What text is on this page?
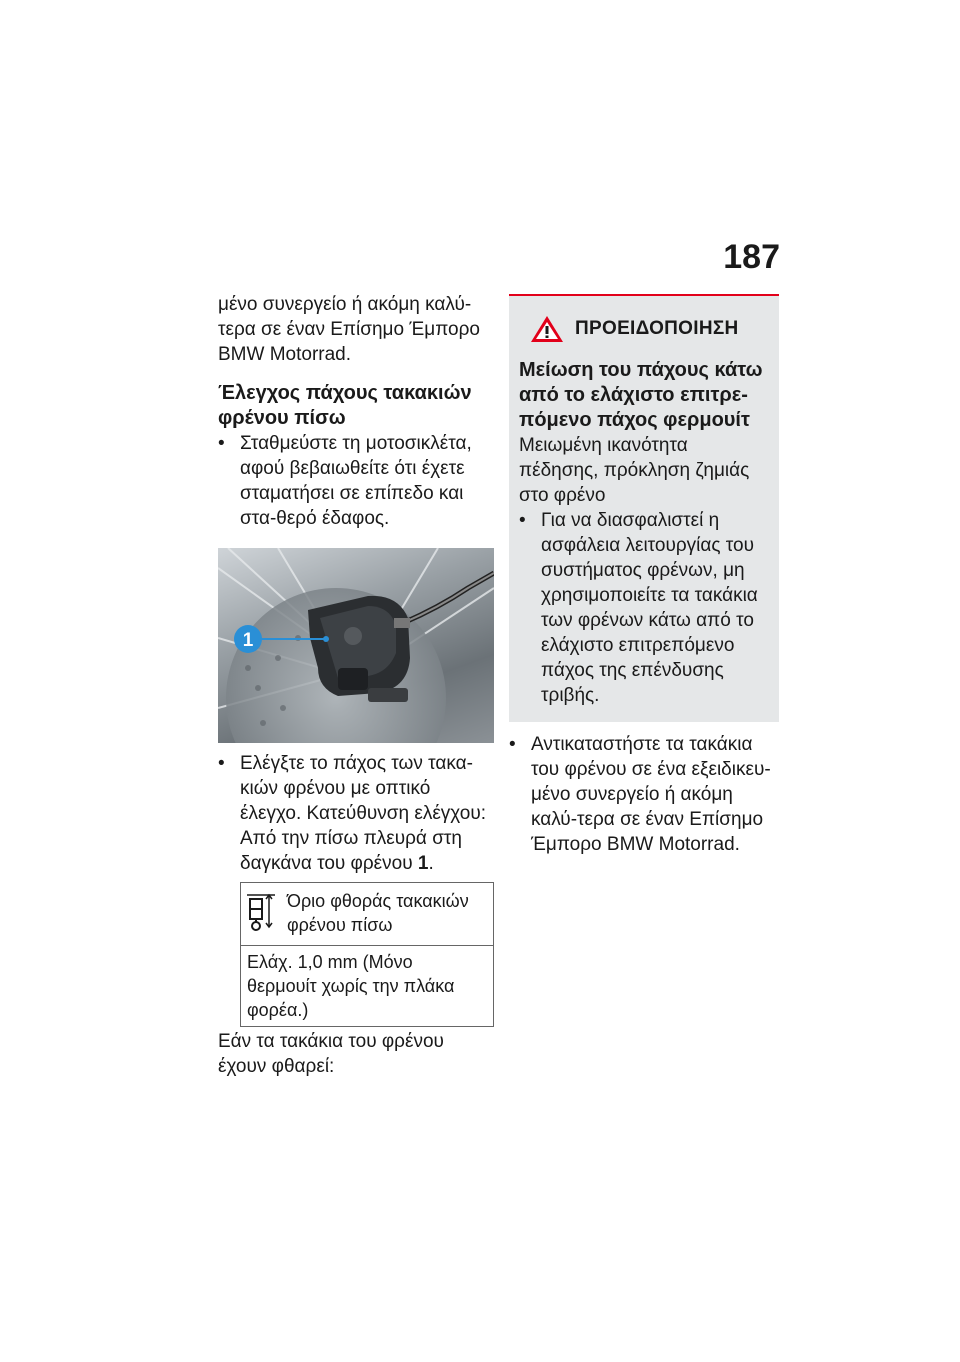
187

μένο συνεργείο ή ακόμη καλύ-τερα σε έναν Επίσημο Έμπορο BMW Motorrad.

Έλεγχος πάχους τακακιών φρένου πίσω

• Σταθμεύστε τη μοτοσικλέτα, αφού βεβαιωθείτε ότι έχετε σταματήσει σε επίπεδο και στα-θερό έδαφος.

1

• Ελέγξτε το πάχος των τακα-κιών φρένου με οπτικό έλεγχο. Κατεύθυνση ελέγχου: Από την πίσω πλευρά στη δαγκάνα του φρένου 1.

Όριο φθοράς τακακιών φρένου πίσω
Ελάχ. 1,0 mm (Μόνο θερμουίτ χωρίς την πλάκα φορέα.)

Εάν τα τακάκια του φρένου έχουν φθαρεί:

ΠΡΟΕΙΔΟΠΟΙΗΣΗ

Μείωση του πάχους κάτω από το ελάχιστο επιτρε-πόμενο πάχος φερμουίτ

Μειωμένη ικανότητα πέδησης, πρόκληση ζημιάς στο φρένο

• Για να διασφαλιστεί η ασφάλεια λειτουργίας του συστήματος φρένων, μη χρησιμοποιείτε τα τακάκια των φρένων κάτω από το ελάχιστο επιτρεπόμενο πάχος της επένδυσης τριβής.

• Αντικαταστήστε τα τακάκια του φρένου σε ένα εξειδικευ-μένο συνεργείο ή ακόμη καλύ-τερα σε έναν Επίσημο Έμπορο BMW Motorrad.
